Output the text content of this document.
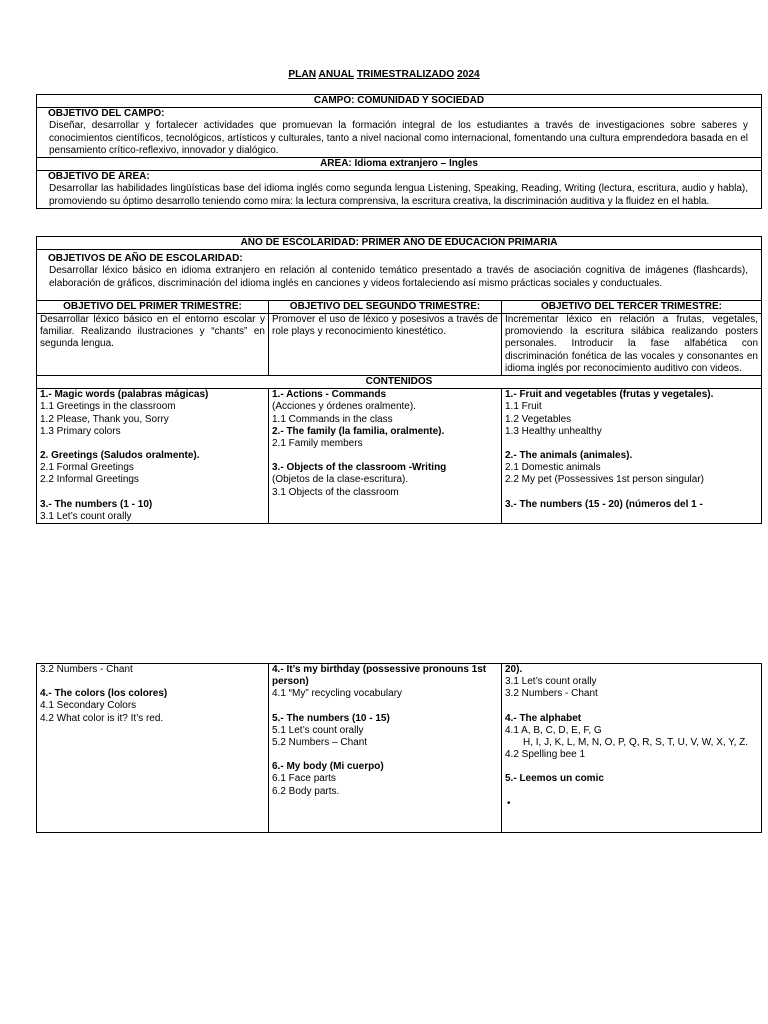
PLAN ANUAL TRIMESTRALIZADO 2024
CAMPO: COMUNIDAD Y SOCIEDAD
OBJETIVO DEL CAMPO:
Diseñar, desarrollar y fortalecer actividades que promuevan la formación integral de los estudiantes a través de investigaciones sobre saberes y conocimientos científicos, tecnológicos, artísticos y culturales, tanto a nivel nacional como internacional, fomentando una cultura emprendedora basada en el pensamiento crítico-reflexivo, innovador y dialógico.
ÁREA: Idioma extranjero – Ingles
OBJETIVO DE ÁREA:
Desarrollar las habilidades lingüísticas base del idioma inglés como segunda lengua Listening, Speaking, Reading, Writing (lectura, escritura, audio y habla), promoviendo su óptimo desarrollo teniendo como mira: la lectura comprensiva, la escritura creativa, la discriminación auditiva y la fluidez en el habla.
AÑO DE ESCOLARIDAD: PRIMER AÑO DE EDUCACIÓN PRIMARIA
OBJETIVOS DE AÑO DE ESCOLARIDAD:
Desarrollar léxico básico en idioma extranjero en relación al contenido temático presentado a través de asociación cognitiva de imágenes (flashcards), elaboración de gráficos, discriminación del idioma inglés en canciones y videos fortaleciendo así mismo prácticas sociales y conductuales.
OBJETIVO DEL PRIMER TRIMESTRE:	OBJETIVO DEL SEGUNDO TRIMESTRE:	OBJETIVO DEL TERCER TRIMESTRE:
Desarrollar léxico básico en el entorno escolar y familiar. Realizando ilustraciones y “chants” en segunda lengua.
Promover el uso de léxico y posesivos a través de role plays y reconocimiento kinestético.
Incrementar léxico en relación a frutas, vegetales, promoviendo la escritura silábica realizando posters personales. Introducir la fase alfabética con discriminación fonética de las vocales y consonantes en idioma inglés por reconocimiento auditivo con videos.
CONTENIDOS
1.- Magic words (palabras mágicas)
1.1 Greetings in the classroom
1.2 Please, Thank you, Sorry
1.3 Primary colors
2. Greetings (Saludos oralmente).
2.1 Formal Greetings
2.2 Informal Greetings
3.- The numbers (1 - 10)
3.1 Let’s count orally
1.- Actions - Commands
(Acciones y órdenes oralmente).
1.1 Commands in the class
2.- The family (la familia, oralmente).
2.1 Family members
3.- Objects of the classroom -Writing
(Objetos de la clase-escritura).
3.1 Objects of the classroom
1.- Fruit and vegetables (frutas y vegetales).
1.1 Fruit
1.2 Vegetables
1.3 Healthy unhealthy
2.- The animals (animales).
2.1 Domestic animals
2.2 My pet (Possessives 1st person singular)
3.- The numbers (15 - 20) (números del 1 -
3.2 Numbers - Chant
4.- The colors (los colores)
4.1 Secondary Colors
4.2 What color is it? It’s red.
4.- It’s my birthday (possessive pronouns 1st person)
4.1 “My” recycling vocabulary
5.- The numbers (10 - 15)
5.1 Let’s count orally
5.2 Numbers – Chant
6.- My body (Mi cuerpo)
6.1 Face parts
6.2 Body parts.
20).
3.1 Let’s count orally
3.2 Numbers - Chant
4.- The alphabet
4.1 A, B, C, D, E, F, G
H, I, J, K, L, M, N, O, P, Q, R, S, T, U, V, W, X, Y, Z.
4.2 Spelling bee 1
5.- Leemos un comic
•
